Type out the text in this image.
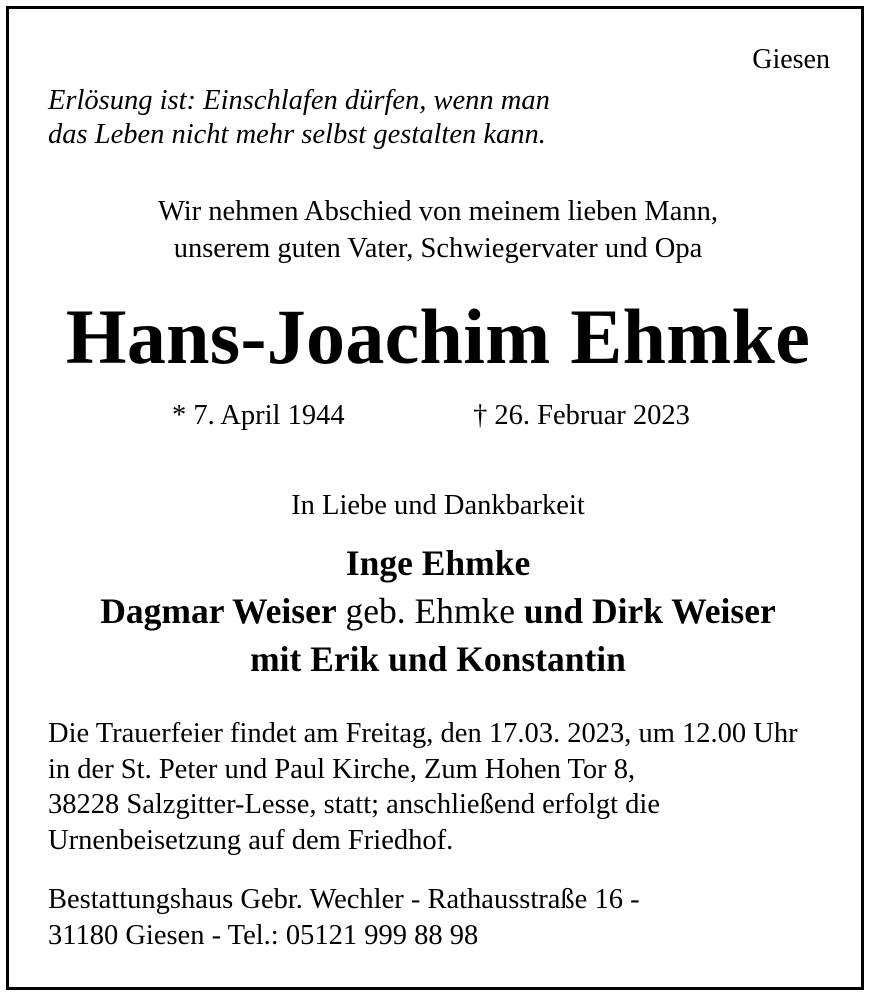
Giesen
Erlösung ist: Einschlafen dürfen, wenn man
das Leben nicht mehr selbst gestalten kann.
Wir nehmen Abschied von meinem lieben Mann,
unserem guten Vater, Schwiegervater und Opa
Hans-Joachim Ehmke
* 7. April 1944	† 26. Februar 2023
In Liebe und Dankbarkeit
Inge Ehmke
Dagmar Weiser geb. Ehmke und Dirk Weiser
mit Erik und Konstantin
Die Trauerfeier findet am Freitag, den 17.03. 2023, um 12.00 Uhr
in der St. Peter und Paul Kirche, Zum Hohen Tor 8,
38228 Salzgitter-Lesse, statt; anschließend erfolgt die
Urnenbeisetzung auf dem Friedhof.
Bestattungshaus Gebr. Wechler - Rathausstraße 16 -
31180 Giesen - Tel.: 05121 999 88 98
